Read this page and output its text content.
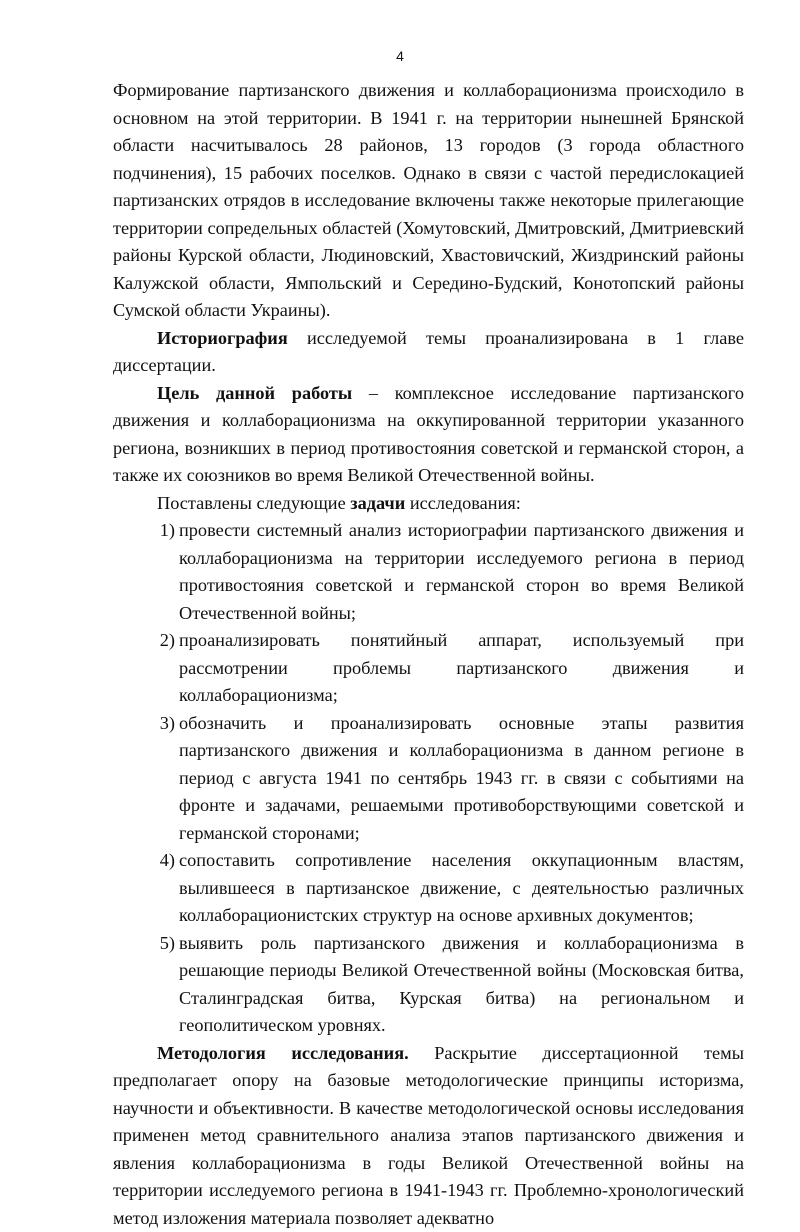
4

Формирование партизанского движения и коллаборационизма происходило в основном на этой территории. В 1941 г. на территории нынешней Брянской области насчитывалось 28 районов, 13 городов (3 города областного подчинения), 15 рабочих поселков. Однако в связи с частой передислокацией партизанских отрядов в исследование включены также некоторые прилегающие территории сопредельных областей (Хомутовский, Дмитровский, Дмитриевский районы Курской области, Людиновский, Хвастовичский, Жиздринский районы Калужской области, Ямпольский и Середино-Будский, Конотопский районы Сумской области Украины).

Историография исследуемой темы проанализирована в 1 главе диссертации.

Цель данной работы – комплексное исследование партизанского движения и коллаборационизма на оккупированной территории указанного региона, возникших в период противостояния советской и германской сторон, а также их союзников во время Великой Отечественной войны.

Поставлены следующие задачи исследования:

1) провести системный анализ историографии партизанского движения и коллаборационизма на территории исследуемого региона в период противостояния советской и германской сторон во время Великой Отечественной войны;
2) проанализировать понятийный аппарат, используемый при рассмотрении проблемы партизанского движения и коллаборационизма;
3) обозначить и проанализировать основные этапы развития партизанского движения и коллаборационизма в данном регионе в период с августа 1941 по сентябрь 1943 гг. в связи с событиями на фронте и задачами, решаемыми противоборствующими советской и германской сторонами;
4) сопоставить сопротивление населения оккупационным властям, вылившееся в партизанское движение, с деятельностью различных коллаборационистских структур на основе архивных документов;
5) выявить роль партизанского движения и коллаборационизма в решающие периоды Великой Отечественной войны (Московская битва, Сталинградская битва, Курская битва) на региональном и геополитическом уровнях.

Методология исследования. Раскрытие диссертационной темы предполагает опору на базовые методологические принципы историзма, научности и объективности. В качестве методологической основы исследования применен метод сравнительного анализа этапов партизанского движения и явления коллаборационизма в годы Великой Отечественной войны на территории исследуемого региона в 1941-1943 гг. Проблемно-хронологический метод изложения материала позволяет адекватно
